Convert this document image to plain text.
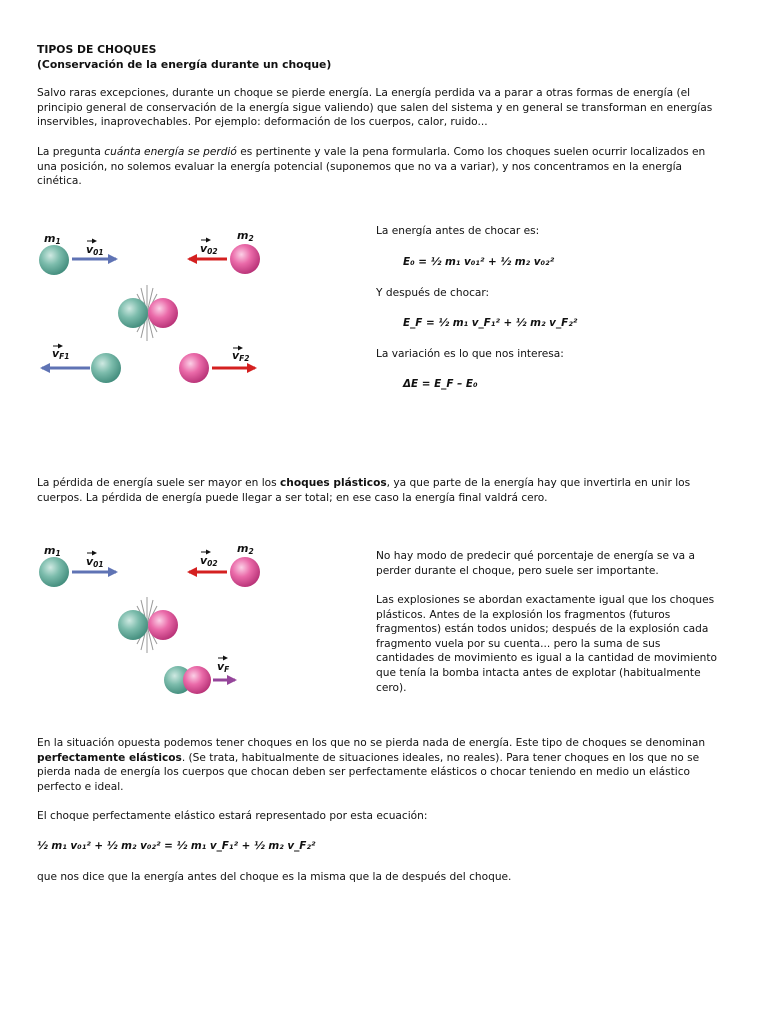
TIPOS DE CHOQUES
(Conservación de la energía durante un choque)

Salvo raras excepciones, durante un choque se pierde energía. La energía perdida va a parar a otras formas de energía (el principio general de conservación de la energía sigue valiendo) que salen del sistema y en general se transforman en energías inservibles, inaprovechables. Por ejemplo: deformación de los cuerpos, calor, ruido...

La pregunta cuánta energía se perdió es pertinente y vale la pena formularla. Como los choques suelen ocurrir localizados en una posición, no solemos evaluar la energía potencial (suponemos que no va a variar), y nos concentramos en la energía cinética.

m1
v01
m2
v02
vF1	vF2
La energía antes de chocar es:
E₀ = ½ m₁ v₀₁² + ½ m₂ v₀₂²
Y después de chocar:
E_F = ½ m₁ v_F₁² + ½ m₂ v_F₂²
La variación es lo que nos interesa:
ΔE = E_F – E₀

La pérdida de energía suele ser mayor en los choques plásticos, ya que parte de la energía hay que invertirla en unir los cuerpos. La pérdida de energía puede llegar a ser total; en ese caso la energía final valdrá cero.

m1
v01
m2
v02
vF

No hay modo de predecir qué porcentaje de energía se va a perder durante el choque, pero suele ser importante.

Las explosiones se abordan exactamente igual que los choques plásticos. Antes de la explosión los fragmentos (futuros fragmentos) están todos unidos; después de la explosión cada fragmento vuela por su cuenta... pero la suma de sus cantidades de movimiento es igual a la cantidad de movimiento que tenía la bomba intacta antes de explotar (habitualmente cero).

En la situación opuesta podemos tener choques en los que no se pierda nada de energía. Este tipo de choques se denominan perfectamente elásticos. (Se trata, habitualmente de situaciones ideales, no reales). Para tener choques en los que no se pierda nada de energía los cuerpos que chocan deben ser perfectamente elásticos o chocar teniendo en medio un elástico perfecto e ideal.

El choque perfectamente elástico estará representado por esta ecuación:

½ m₁ v₀₁² + ½ m₂ v₀₂² = ½ m₁ v_F₁² + ½ m₂ v_F₂²

que nos dice que la energía antes del choque es la misma que la de después del choque.
